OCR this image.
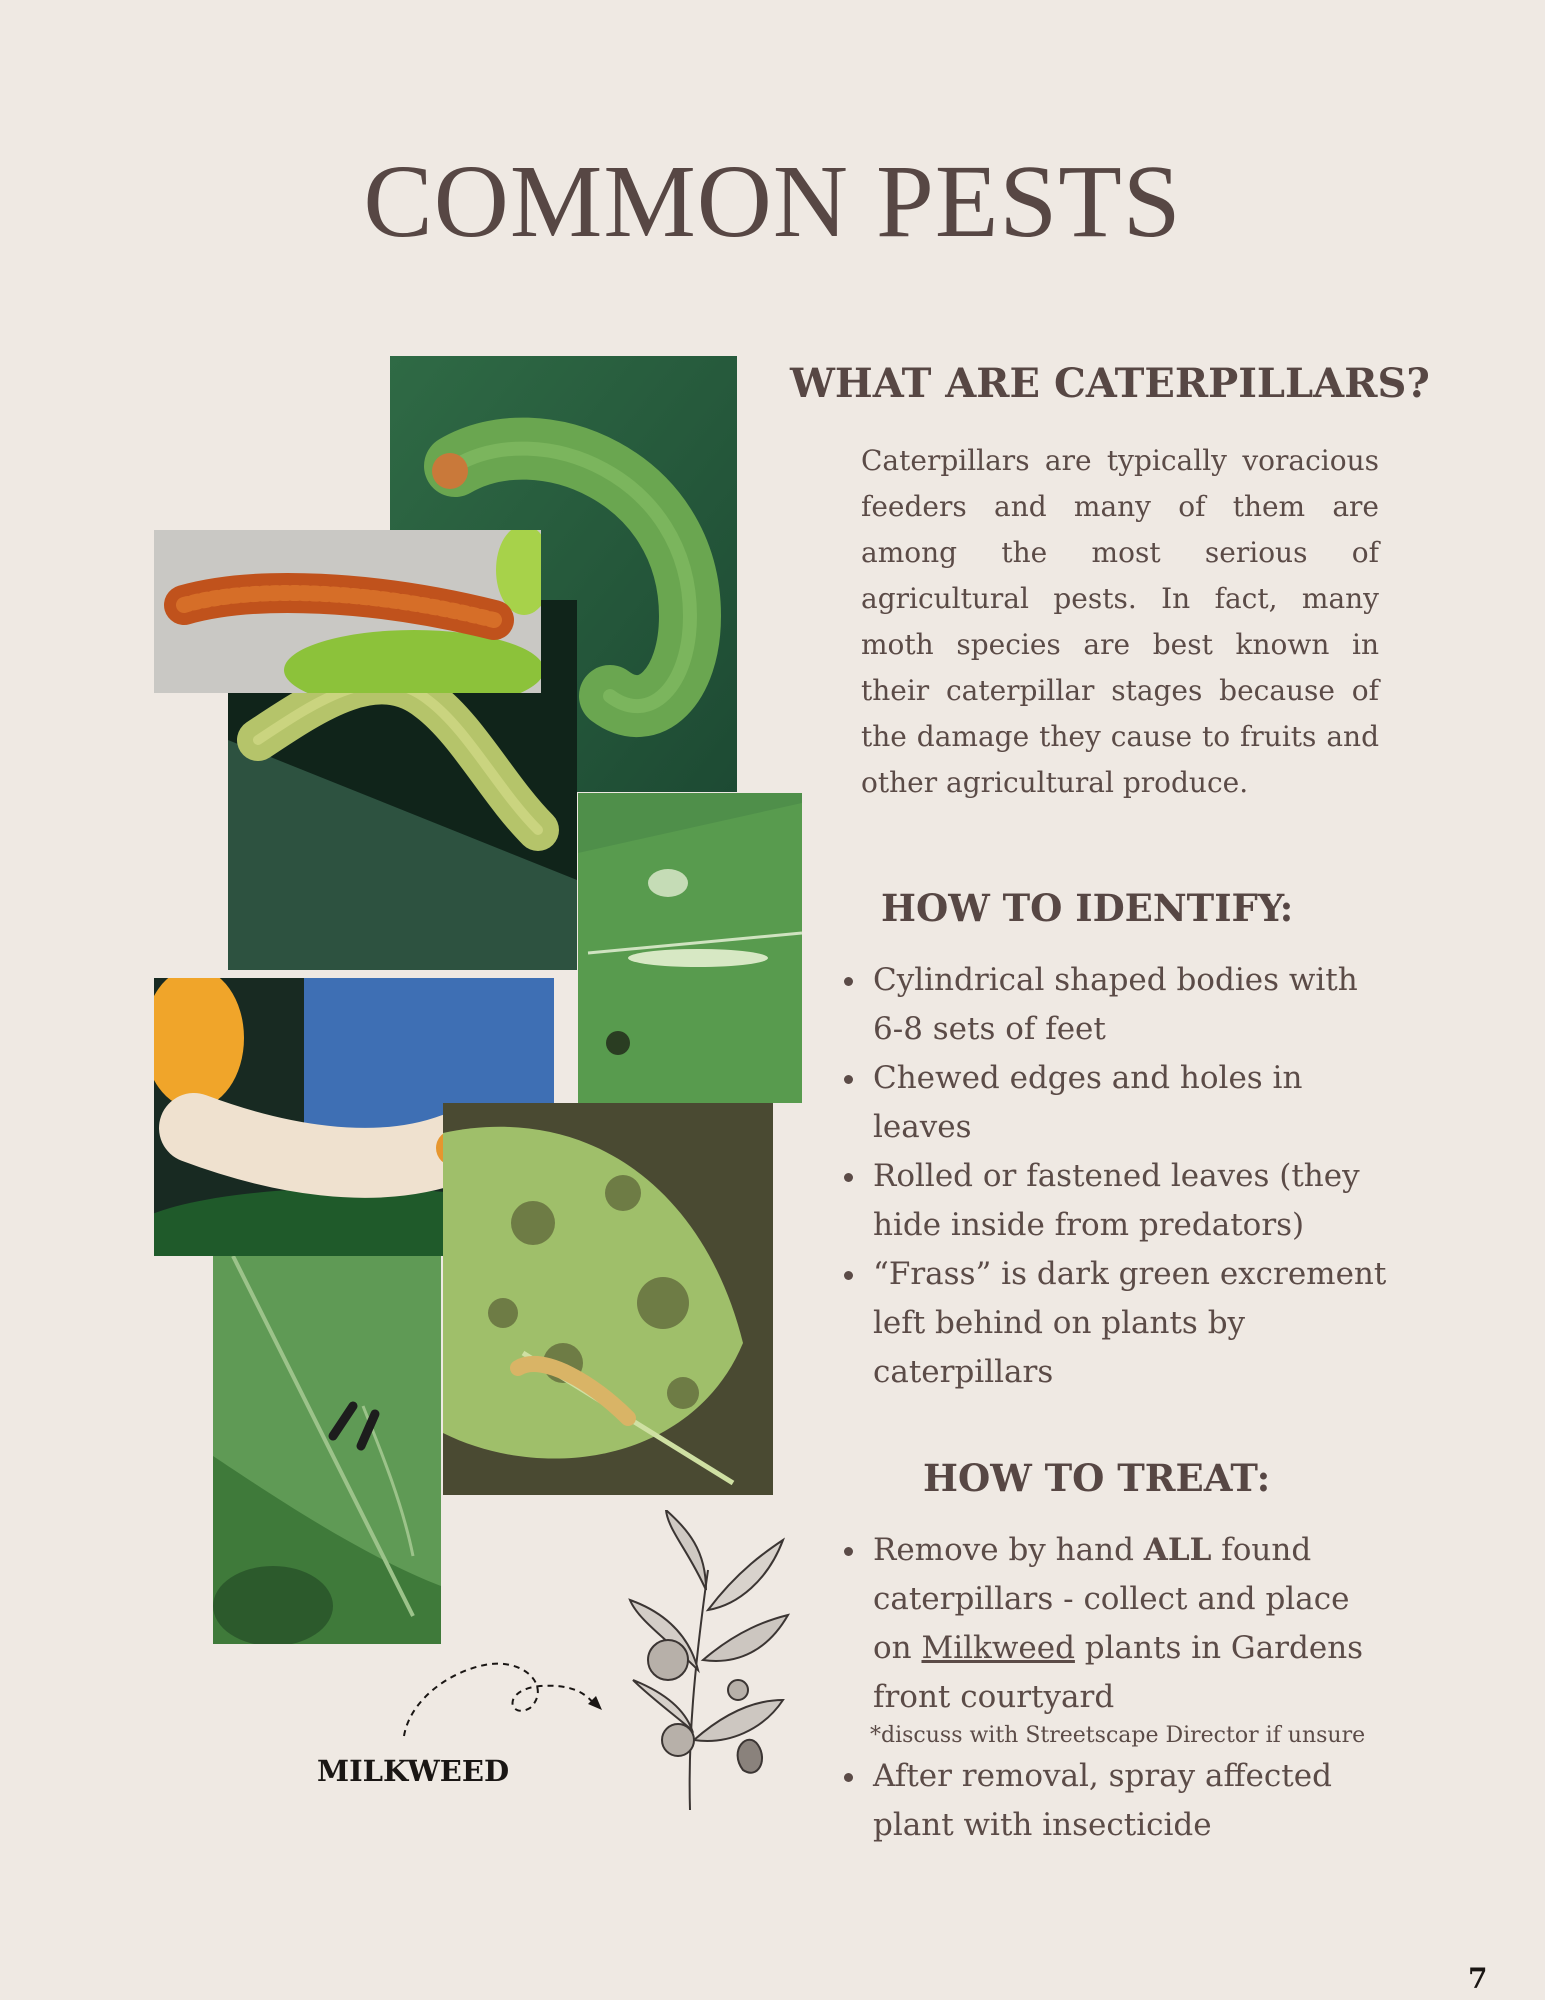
COMMON PESTS
WHAT ARE CATERPILLARS?

Caterpillars are typically voracious feeders and many of them are among the most serious of agricultural pests. In fact, many moth species are best known in their caterpillar stages because of the damage they cause to fruits and other agricultural produce.

HOW TO IDENTIFY:
Cylindrical shaped bodies with 6-8 sets of feet
Chewed edges and holes in leaves
Rolled or fastened leaves (they hide inside from predators)
“Frass” is dark green excrement left behind on plants by caterpillars
HOW TO TREAT:
Remove by hand ALL found caterpillars - collect and place on Milkweed plants in Gardens front courtyard
*discuss with Streetscape Director if unsure
After removal, spray affected plant with insecticide
MILKWEED
7
